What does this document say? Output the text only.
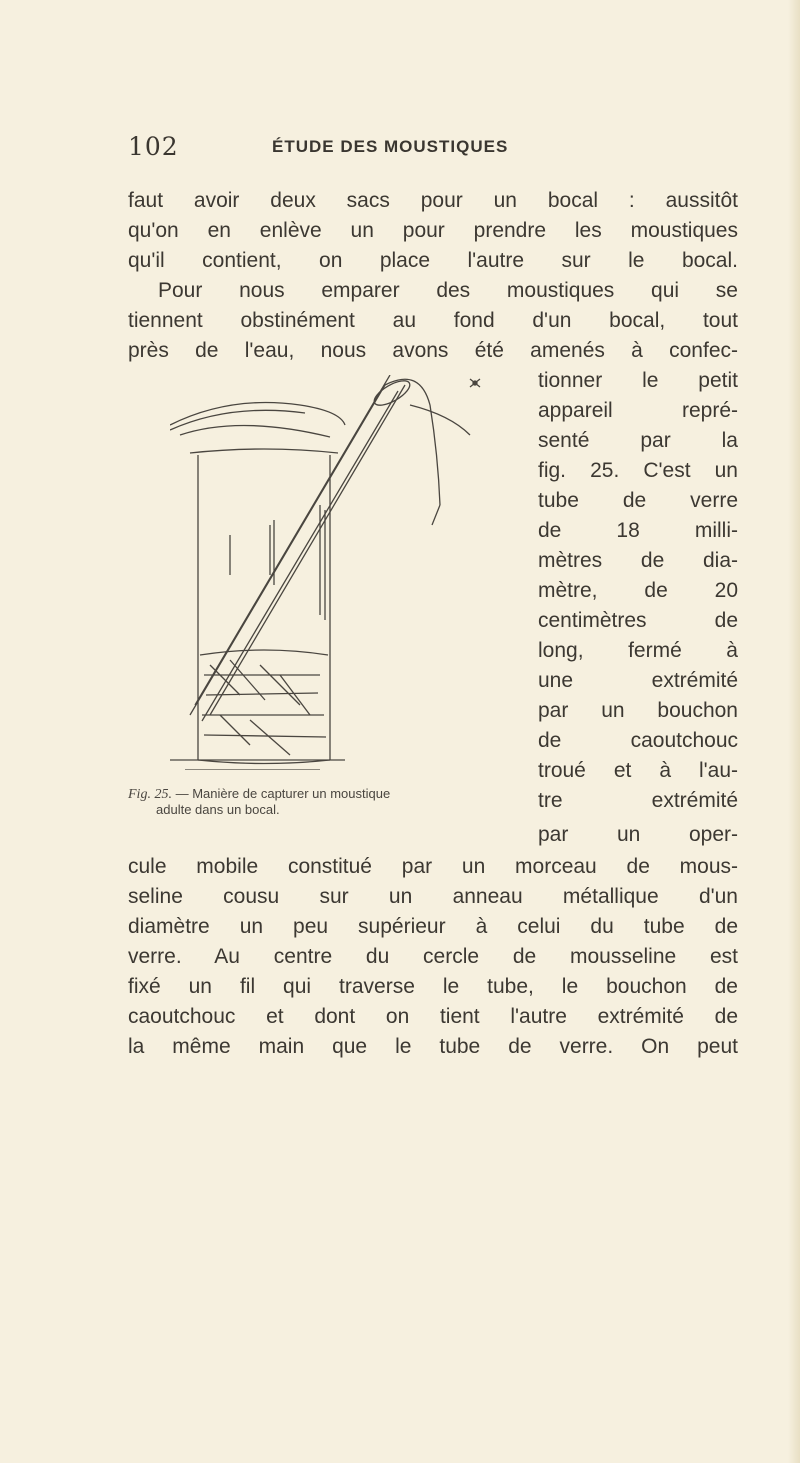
102	ÉTUDE DES MOUSTIQUES
faut avoir deux sacs pour un bocal : aussitôt
qu'on en enlève un pour prendre les moustiques
qu'il contient, on place l'autre sur le bocal.
Pour nous emparer des moustiques qui se
tiennent obstinément au fond d'un bocal, tout
près de l'eau, nous avons été amenés à confec-
tionner le petit
appareil repré-
senté par la
fig. 25. C'est un
tube de verre
de 18 milli-
mètres de dia-
mètre, de 20
centimètres de
long, fermé à
une extrémité
par un bouchon
de caoutchouc
troué et à l'au-
tre extrémité
par un oper-
Fig. 25. — Manière de capturer un moustique
adulte dans un bocal.
cule mobile constitué par un morceau de mous-
seline cousu sur un anneau métallique d'un
diamètre un peu supérieur à celui du tube de
verre. Au centre du cercle de mousseline est
fixé un fil qui traverse le tube, le bouchon de
caoutchouc et dont on tient l'autre extrémité de
la même main que le tube de verre. On peut
